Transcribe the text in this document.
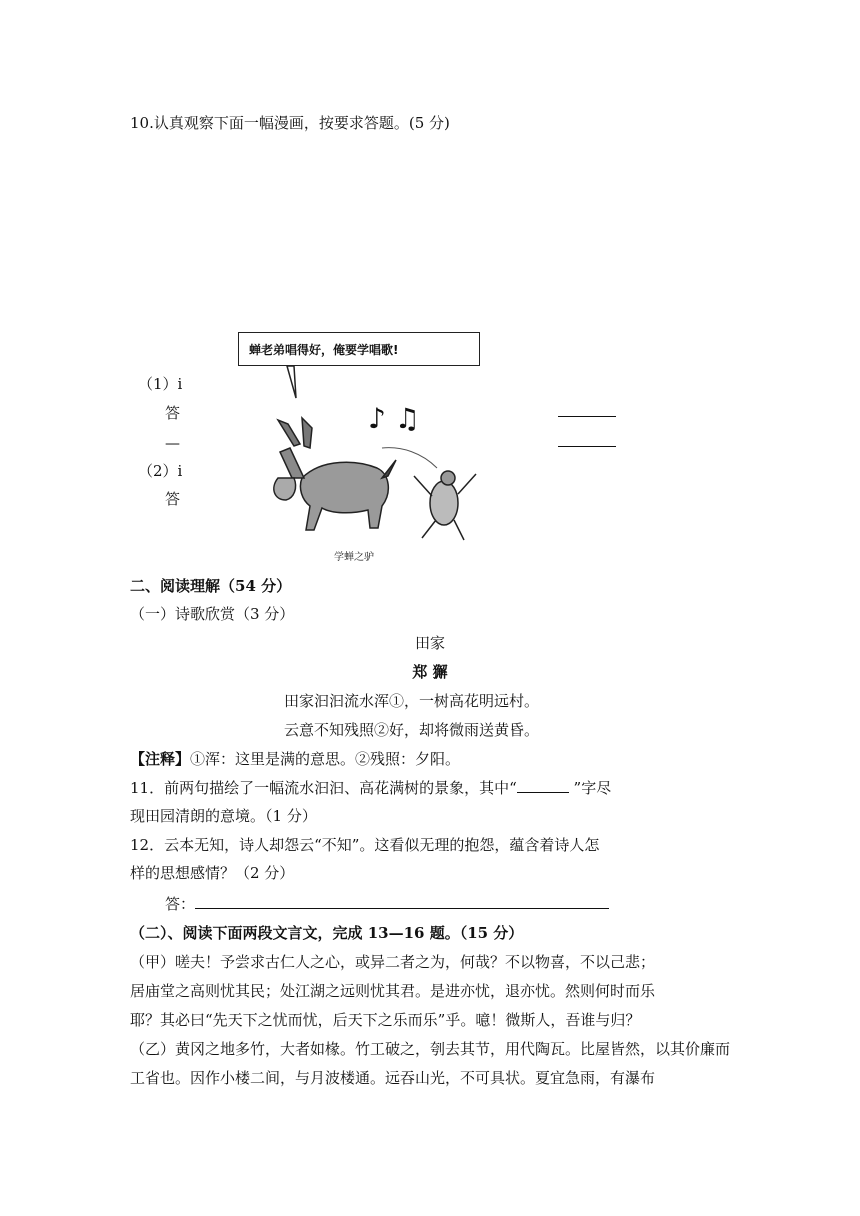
10.认真观察下面一幅漫画，按要求答题。(5 分)
（1）i
答
—
（2）i
答
蝉老弟唱得好，俺要学唱歌!
♪ ♫
学蝉之驴
二、阅读理解（54 分）
（一）诗歌欣赏（3 分）
田家
郑 獬
田家汩汩流水浑①，一树高花明远村。
云意不知残照②好，却将微雨送黄昏。
【注释】①浑：这里是满的意思。②残照：夕阳。
11．前两句描绘了一幅流水汩汩、高花满树的景象，其中“	”字尽
现田园清朗的意境。（1 分）
12．云本无知，诗人却怨云“不知”。这看似无理的抱怨，蕴含着诗人怎
样的思想感情？（2 分）
答：
（二）、阅读下面两段文言文，完成 13—16 题。（15 分）
（甲）嗟夫！予尝求古仁人之心，或异二者之为，何哉？不以物喜，不以己悲；
居庙堂之高则忧其民；处江湖之远则忧其君。是进亦忧，退亦忧。然则何时而乐
耶？其必曰“先天下之忧而忧，后天下之乐而乐”乎。噫！微斯人，吾谁与归？
（乙）黄冈之地多竹，大者如椽。竹工破之，刳去其节，用代陶瓦。比屋皆然，以其价廉而
工省也。因作小楼二间，与月波楼通。远吞山光，不可具状。夏宜急雨，有瀑布
